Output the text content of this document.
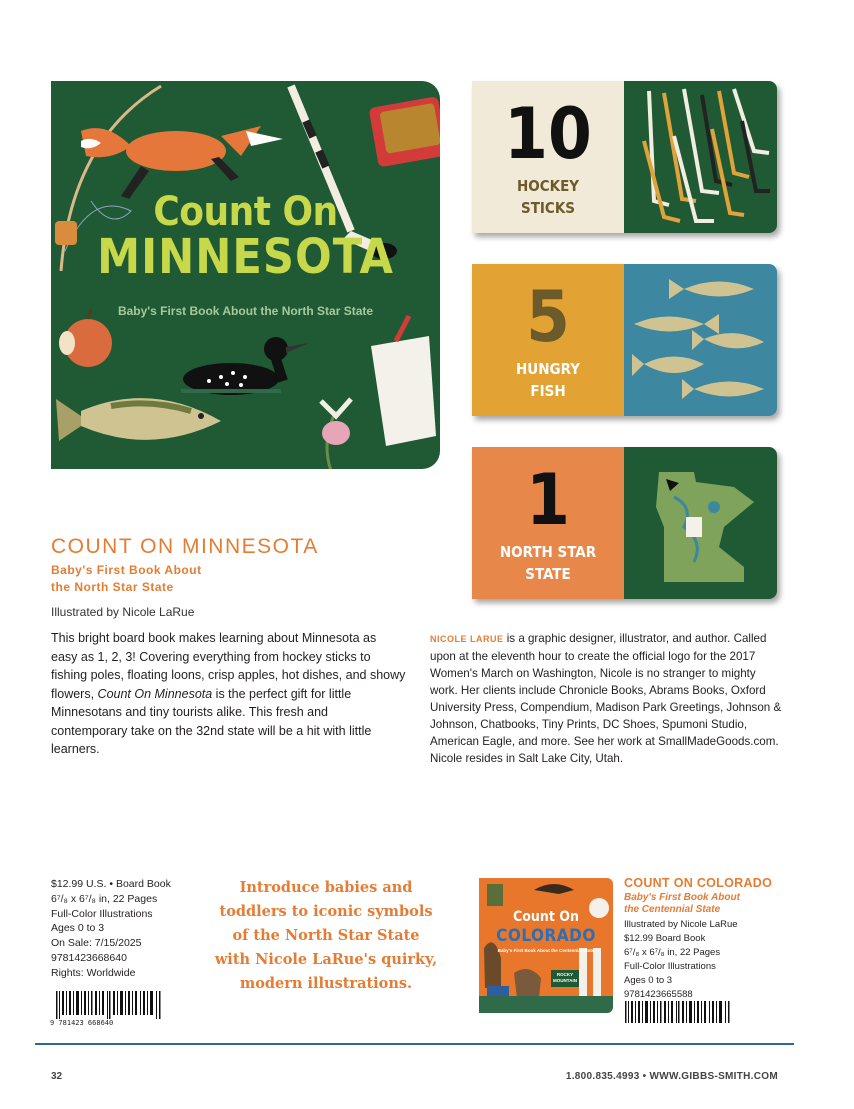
Count On
MINNESOTA
Baby's First Book About the North Star State
10
HOCKEY
STICKS
5
HUNGRY
FISH
1
NORTH STAR
STATE
COUNT ON MINNESOTA
Baby's First Book About
the North Star State
Illustrated by Nicole LaRue
This bright board book makes learning about Minnesota as easy as 1, 2, 3! Covering everything from hockey sticks to fishing poles, floating loons, crisp apples, hot dishes, and showy flowers, Count On Minnesota is the perfect gift for little Minnesotans and tiny tourists alike. This fresh and contemporary take on the 32nd state will be a hit with little learners.
NICOLE LARUE is a graphic designer, illustrator, and author. Called upon at the eleventh hour to create the official logo for the 2017 Women's March on Washington, Nicole is no stranger to mighty work. Her clients include Chronicle Books, Abrams Books, Oxford University Press, Compendium, Madison Park Greetings, Johnson & Johnson, Chatbooks, Tiny Prints, DC Shoes, Spumoni Studio, American Eagle, and more. See her work at SmallMadeGoods.com. Nicole resides in Salt Lake City, Utah.
$12.99 U.S. • Board Book
6⁷/₈ x 6⁷/₈ in, 22 Pages
Full-Color Illustrations
Ages 0 to 3
On Sale: 7/15/2025
9781423668640
Rights: Worldwide
9 781423 668640
Introduce babies and
toddlers to iconic symbols
of the North Star State
with Nicole LaRue's quirky,
modern illustrations.
Count On
COLORADO
Baby's First Book About the Centennial State
ROCKY
MOUNTAIN
COUNT ON COLORADO
Baby's First Book About
the Centennial State
Illustrated by Nicole LaRue
$12.99 Board Book
6⁷/₈ x 6⁷/₈ in, 22 Pages
Full-Color Illustrations
Ages 0 to 3
9781423665588
32	1.800.835.4993 • WWW.GIBBS-SMITH.COM
